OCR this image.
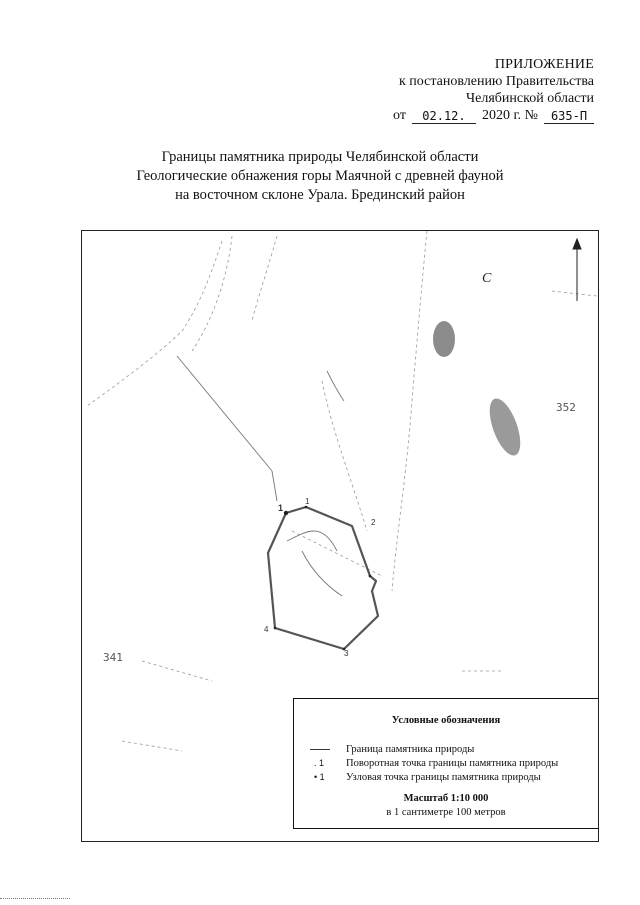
ПРИЛОЖЕНИЕ
к постановлению Правительства
Челябинской области
от	02.12.	2020 г. №	635-П
Границы памятника природы Челябинской области
Геологические обнажения горы Маячной с древней фауной
на восточном склоне Урала. Брединский район
С
352
341
1
1
2
3
4
Условные обозначения
Граница памятника природы
. 1 Поворотная точка границы памятника природы
• 1 Узловая точка границы памятника природы
Масштаб 1:10 000
в 1 сантиметре 100 метров
